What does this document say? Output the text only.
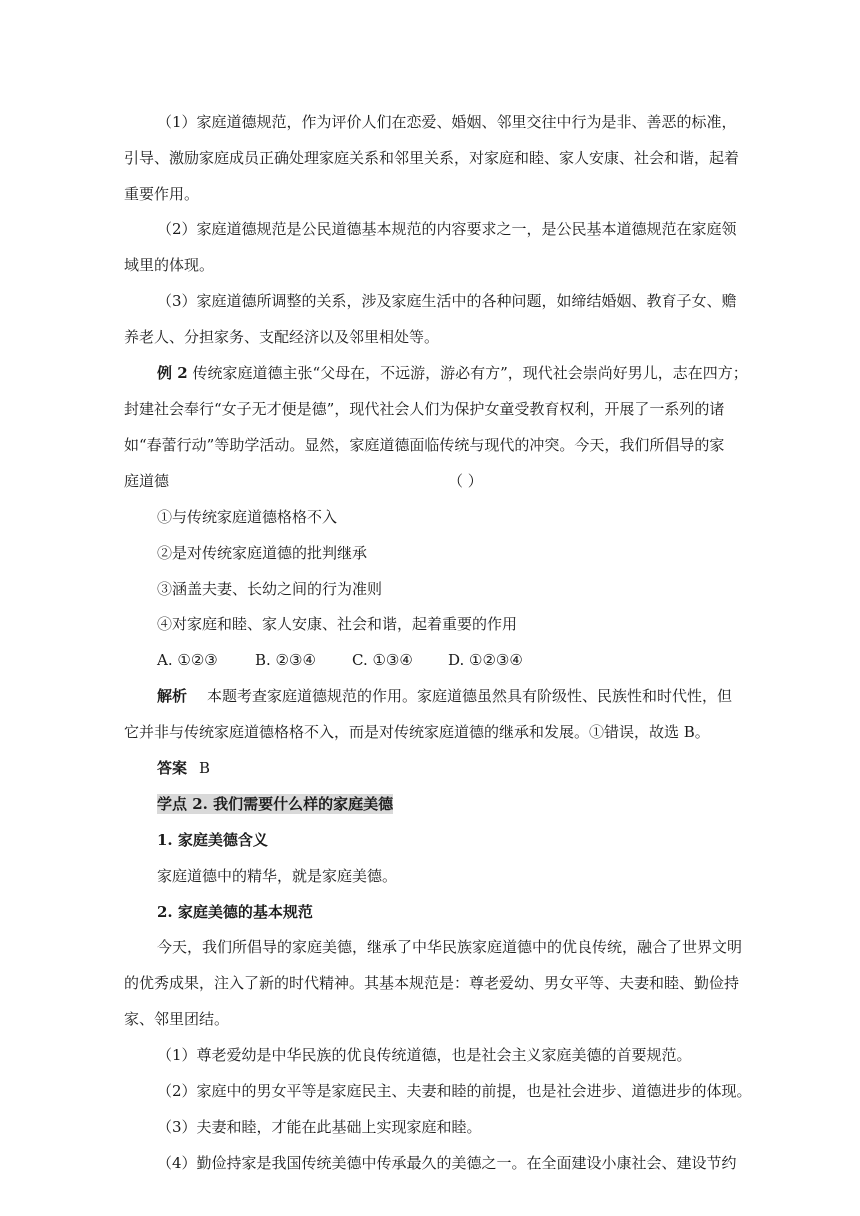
（1）家庭道德规范，作为评价人们在恋爱、婚姻、邻里交往中行为是非、善恶的标准，
引导、激励家庭成员正确处理家庭关系和邻里关系，对家庭和睦、家人安康、社会和谐，起着
重要作用。
（2）家庭道德规范是公民道德基本规范的内容要求之一，是公民基本道德规范在家庭领
域里的体现。
（3）家庭道德所调整的关系，涉及家庭生活中的各种问题，如缔结婚姻、教育子女、赡
养老人、分担家务、支配经济以及邻里相处等。
例 2 传统家庭道德主张“父母在，不远游，游必有方”，现代社会崇尚好男儿，志在四方；
封建社会奉行“女子无才便是德”，现代社会人们为保护女童受教育权利，开展了一系列的诸
如“春蕾行动”等助学活动。显然，家庭道德面临传统与现代的冲突。今天，我们所倡导的家
庭道德	（ ）
①与传统家庭道德格格不入
②是对传统家庭道德的批判继承
③涵盖夫妻、长幼之间的行为准则
④对家庭和睦、家人安康、社会和谐，起着重要的作用
A. ①②③ B. ②③④ C. ①③④ D. ①②③④
解析 本题考查家庭道德规范的作用。家庭道德虽然具有阶级性、民族性和时代性，但
它并非与传统家庭道德格格不入，而是对传统家庭道德的继承和发展。①错误，故选 B。
答案 B
学点 2. 我们需要什么样的家庭美德
1. 家庭美德含义
家庭道德中的精华，就是家庭美德。
2. 家庭美德的基本规范
今天，我们所倡导的家庭美德，继承了中华民族家庭道德中的优良传统，融合了世界文明
的优秀成果，注入了新的时代精神。其基本规范是：尊老爱幼、男女平等、夫妻和睦、勤俭持
家、邻里团结。
（1）尊老爱幼是中华民族的优良传统道德，也是社会主义家庭美德的首要规范。
（2）家庭中的男女平等是家庭民主、夫妻和睦的前提，也是社会进步、道德进步的体现。
（3）夫妻和睦，才能在此基础上实现家庭和睦。
（4）勤俭持家是我国传统美德中传承最久的美德之一。在全面建设小康社会、建设节约
